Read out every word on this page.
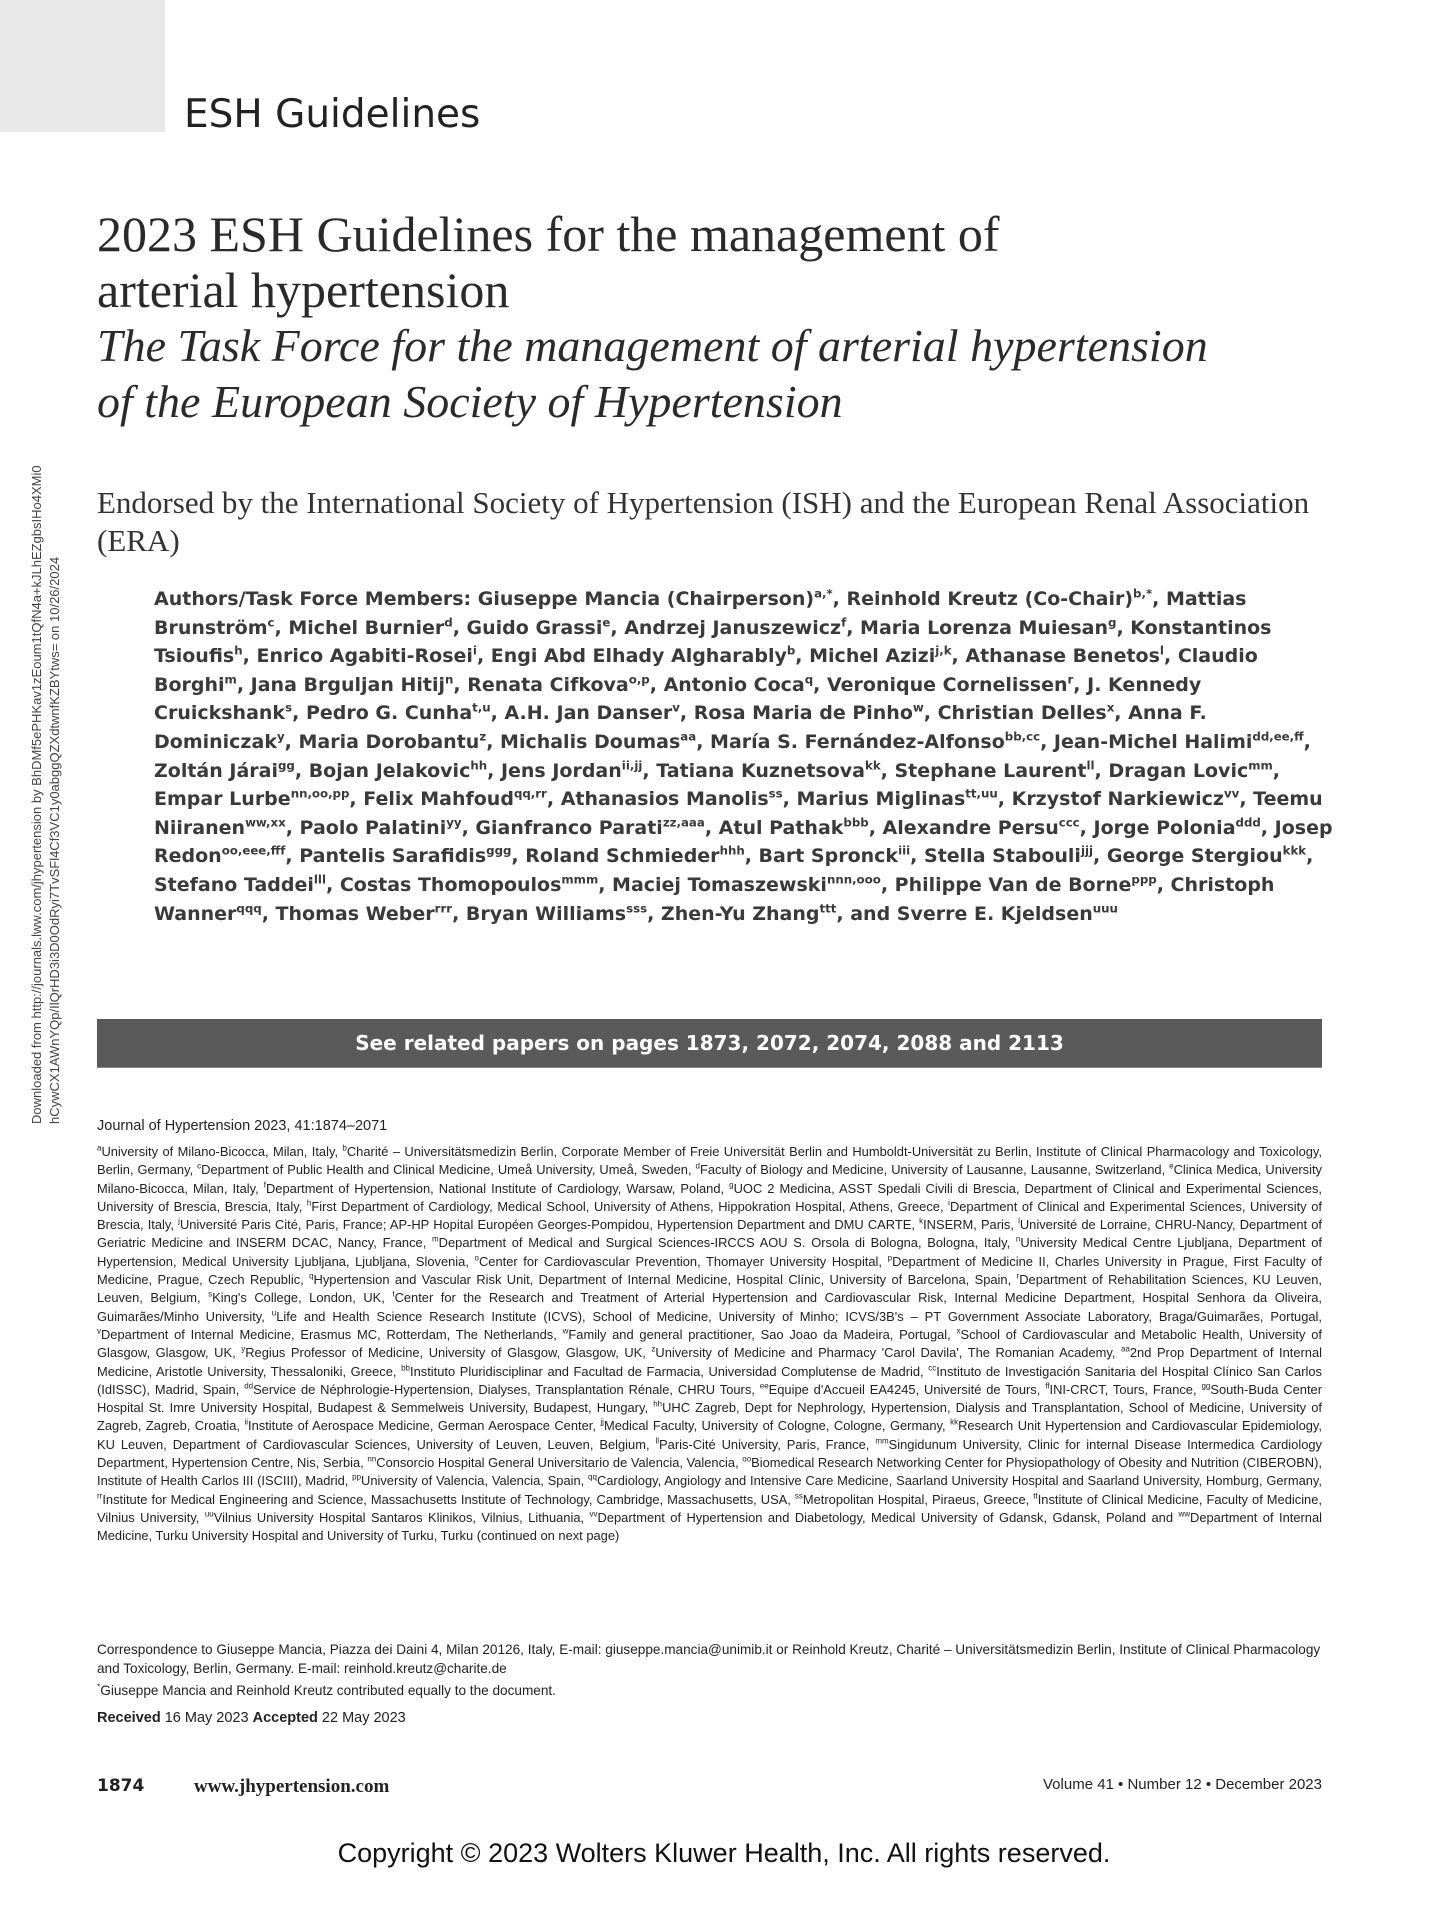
ESH Guidelines
Downloaded from http://journals.lww.com/jhypertension by BhDMf5ePHKav1zEoum1tQfN4a+kJLhEZgbsIHo4XMi0 hCywCX1AWnYQp/IlQrHD3i3D0OdRyi7TvSFl4Cf3VC1y0abggQZXdtwnfKZBYtws= on 10/26/2024
2023 ESH Guidelines for the management of
arterial hypertension
The Task Force for the management of arterial hypertension
of the European Society of Hypertension
Endorsed by the International Society of Hypertension (ISH) and the European Renal Association (ERA)
Authors/Task Force Members: Giuseppe Mancia (Chairperson)$^{a,*}$, Reinhold Kreutz (Co-Chair)$^{b,*}$, Mattias Brunström$^c$, Michel Burnier$^d$, Guido Grassi$^e$, Andrzej Januszewicz$^f$, Maria Lorenza Muiesan$^g$, Konstantinos Tsioufis$^h$, Enrico Agabiti-Rosei$^i$, Engi Abd Elhady Algharably$^b$, Michel Azizi$^{j,k}$, Athanase Benetos$^l$, Claudio Borghi$^m$, Jana Brguljan Hitij$^n$, Renata Cifkova$^{o,p}$, Antonio Coca$^q$, Veronique Cornelissen$^r$, J. Kennedy Cruickshank$^s$, Pedro G. Cunha$^{t,u}$, A.H. Jan Danser$^v$, Rosa Maria de Pinho$^w$, Christian Delles$^x$, Anna F. Dominiczak$^y$, Maria Dorobantu$^z$, Michalis Doumas$^{aa}$, María S. Fernández-Alfonso$^{bb,cc}$, Jean-Michel Halimi$^{dd,ee,ff}$, Zoltán Járai$^{gg}$, Bojan Jelakovic$^{hh}$, Jens Jordan$^{ii,jj}$, Tatiana Kuznetsova$^{kk}$, Stephane Laurent$^{ll}$, Dragan Lovic$^{mm}$, Empar Lurbe$^{nn,oo,pp}$, Felix Mahfoud$^{qq,rr}$, Athanasios Manolis$^{ss}$, Marius Miglinas$^{tt,uu}$, Krzystof Narkiewicz$^{vv}$, Teemu Niiranen$^{ww,xx}$, Paolo Palatini$^{yy}$, Gianfranco Parati$^{zz,aaa}$, Atul Pathak$^{bbb}$, Alexandre Persu$^{ccc}$, Jorge Polonia$^{ddd}$, Josep Redon$^{oo,eee,fff}$, Pantelis Sarafidis$^{ggg}$, Roland Schmieder$^{hhh}$, Bart Spronck$^{iii}$, Stella Stabouli$^{jjj}$, George Stergiou$^{kkk}$, Stefano Taddei$^{lll}$, Costas Thomopoulos$^{mmm}$, Maciej Tomaszewski$^{nnn,ooo}$, Philippe Van de Borne$^{ppp}$, Christoph Wanner$^{qqq}$, Thomas Weber$^{rrr}$, Bryan Williams$^{sss}$, Zhen-Yu Zhang$^{ttt}$, and Sverre E. Kjeldsen$^{uuu}$
See related papers on pages 1873, 2072, 2074, 2088 and 2113
Journal of Hypertension 2023, 41:1874–2071
$^a$University of Milano-Bicocca, Milan, Italy, $^b$Charité – Universitätsmedizin Berlin, Corporate Member of Freie Universität Berlin and Humboldt-Universität zu Berlin, Institute of Clinical Pharmacology and Toxicology, Berlin, Germany, $^c$Department of Public Health and Clinical Medicine, Umeå University, Umeå, Sweden, $^d$Faculty of Biology and Medicine, University of Lausanne, Lausanne, Switzerland, $^e$Clinica Medica, University Milano-Bicocca, Milan, Italy, $^f$Department of Hypertension, National Institute of Cardiology, Warsaw, Poland, $^g$UOC 2 Medicina, ASST Spedali Civili di Brescia, Department of Clinical and Experimental Sciences, University of Brescia, Brescia, Italy, $^h$First Department of Cardiology, Medical School, University of Athens, Hippokration Hospital, Athens, Greece, $^i$Department of Clinical and Experimental Sciences, University of Brescia, Italy, $^j$Université Paris Cité, Paris, France; AP-HP Hopital Européen Georges-Pompidou, Hypertension Department and DMU CARTE, $^k$INSERM, Paris, $^l$Université de Lorraine, CHRU-Nancy, Department of Geriatric Medicine and INSERM DCAC, Nancy, France, $^m$Department of Medical and Surgical Sciences-IRCCS AOU S. Orsola di Bologna, Bologna, Italy, $^n$University Medical Centre Ljubljana, Department of Hypertension, Medical University Ljubljana, Ljubljana, Slovenia, $^o$Center for Cardiovascular Prevention, Thomayer University Hospital, $^p$Department of Medicine II, Charles University in Prague, First Faculty of Medicine, Prague, Czech Republic, $^q$Hypertension and Vascular Risk Unit, Department of Internal Medicine, Hospital Clínic, University of Barcelona, Spain, $^r$Department of Rehabilitation Sciences, KU Leuven, Leuven, Belgium, $^s$King's College, London, UK, $^t$Center for the Research and Treatment of Arterial Hypertension and Cardiovascular Risk, Internal Medicine Department, Hospital Senhora da Oliveira, Guimarães/Minho University, $^u$Life and Health Science Research Institute (ICVS), School of Medicine, University of Minho; ICVS/3B's – PT Government Associate Laboratory, Braga/Guimarães, Portugal, $^v$Department of Internal Medicine, Erasmus MC, Rotterdam, The Netherlands, $^w$Family and general practitioner, Sao Joao da Madeira, Portugal, $^x$School of Cardiovascular and Metabolic Health, University of Glasgow, Glasgow, UK, $^y$Regius Professor of Medicine, University of Glasgow, Glasgow, UK, $^z$University of Medicine and Pharmacy 'Carol Davila', The Romanian Academy, $^{aa}$2nd Prop Department of Internal Medicine, Aristotle University, Thessaloniki, Greece, $^{bb}$Instituto Pluridisciplinar and Facultad de Farmacia, Universidad Complutense de Madrid, $^{cc}$Instituto de Investigación Sanitaria del Hospital Clínico San Carlos (IdISSC), Madrid, Spain, $^{dd}$Service de Néphrologie-Hypertension, Dialyses, Transplantation Rénale, CHRU Tours, $^{ee}$Equipe d'Accueil EA4245, Université de Tours, $^{ff}$INI-CRCT, Tours, France, $^{gg}$South-Buda Center Hospital St. Imre University Hospital, Budapest & Semmelweis University, Budapest, Hungary, $^{hh}$UHC Zagreb, Dept for Nephrology, Hypertension, Dialysis and Transplantation, School of Medicine, University of Zagreb, Zagreb, Croatia, $^{ii}$Institute of Aerospace Medicine, German Aerospace Center, $^{jj}$Medical Faculty, University of Cologne, Cologne, Germany, $^{kk}$Research Unit Hypertension and Cardiovascular Epidemiology, KU Leuven, Department of Cardiovascular Sciences, University of Leuven, Leuven, Belgium, $^{ll}$Paris-Cité University, Paris, France, $^{mm}$Singidunum University, Clinic for internal Disease Intermedica Cardiology Department, Hypertension Centre, Nis, Serbia, $^{nn}$Consorcio Hospital General Universitario de Valencia, Valencia, $^{oo}$Biomedical Research Networking Center for Physiopathology of Obesity and Nutrition (CIBEROBN), Institute of Health Carlos III (ISCIII), Madrid, $^{pp}$University of Valencia, Valencia, Spain, $^{qq}$Cardiology, Angiology and Intensive Care Medicine, Saarland University Hospital and Saarland University, Homburg, Germany, $^{rr}$Institute for Medical Engineering and Science, Massachusetts Institute of Technology, Cambridge, Massachusetts, USA, $^{ss}$Metropolitan Hospital, Piraeus, Greece, $^{tt}$Institute of Clinical Medicine, Faculty of Medicine, Vilnius University, $^{uu}$Vilnius University Hospital Santaros Klinikos, Vilnius, Lithuania, $^{vv}$Department of Hypertension and Diabetology, Medical University of Gdansk, Gdansk, Poland and $^{ww}$Department of Internal Medicine, Turku University Hospital and University of Turku, Turku (continued on next page)
Correspondence to Giuseppe Mancia, Piazza dei Daini 4, Milan 20126, Italy, E-mail: giuseppe.mancia@unimib.it or Reinhold Kreutz, Charité – Universitätsmedizin Berlin, Institute of Clinical Pharmacology and Toxicology, Berlin, Germany. E-mail: reinhold.kreutz@charite.de
*Giuseppe Mancia and Reinhold Kreutz contributed equally to the document.
Received 16 May 2023 Accepted 22 May 2023
1874	www.jhypertension.com	Volume 41 • Number 12 • December 2023
Copyright © 2023 Wolters Kluwer Health, Inc. All rights reserved.
